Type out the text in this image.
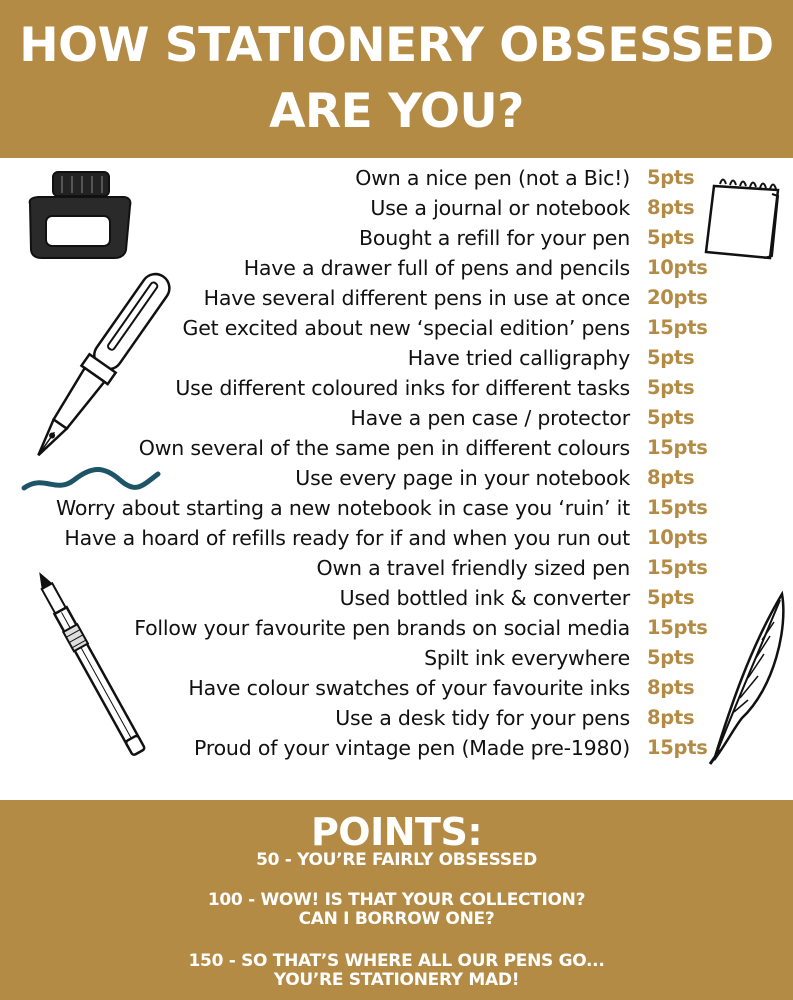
HOW STATIONERY OBSESSED
ARE YOU?
Own a nice pen (not a Bic!) 5pts
Use a journal or notebook 8pts
Bought a refill for your pen 5pts
Have a drawer full of pens and pencils 10pts
Have several different pens in use at once 20pts
Get excited about new ‘special edition’ pens 15pts
Have tried calligraphy 5pts
Use different coloured inks for different tasks 5pts
Have a pen case / protector 5pts
Own several of the same pen in different colours 15pts
Use every page in your notebook 8pts
Worry about starting a new notebook in case you ‘ruin’ it 15pts
Have a hoard of refills ready for if and when you run out 10pts
Own a travel friendly sized pen 15pts
Used bottled ink & converter 5pts
Follow your favourite pen brands on social media 15pts
Spilt ink everywhere 5pts
Have colour swatches of your favourite inks 8pts
Use a desk tidy for your pens 8pts
Proud of your vintage pen (Made pre-1980) 15pts
POINTS:
50 - YOU’RE FAIRLY OBSESSED
100 - WOW! IS THAT YOUR COLLECTION?
CAN I BORROW ONE?
150 - SO THAT’S WHERE ALL OUR PENS GO...
YOU’RE STATIONERY MAD!
